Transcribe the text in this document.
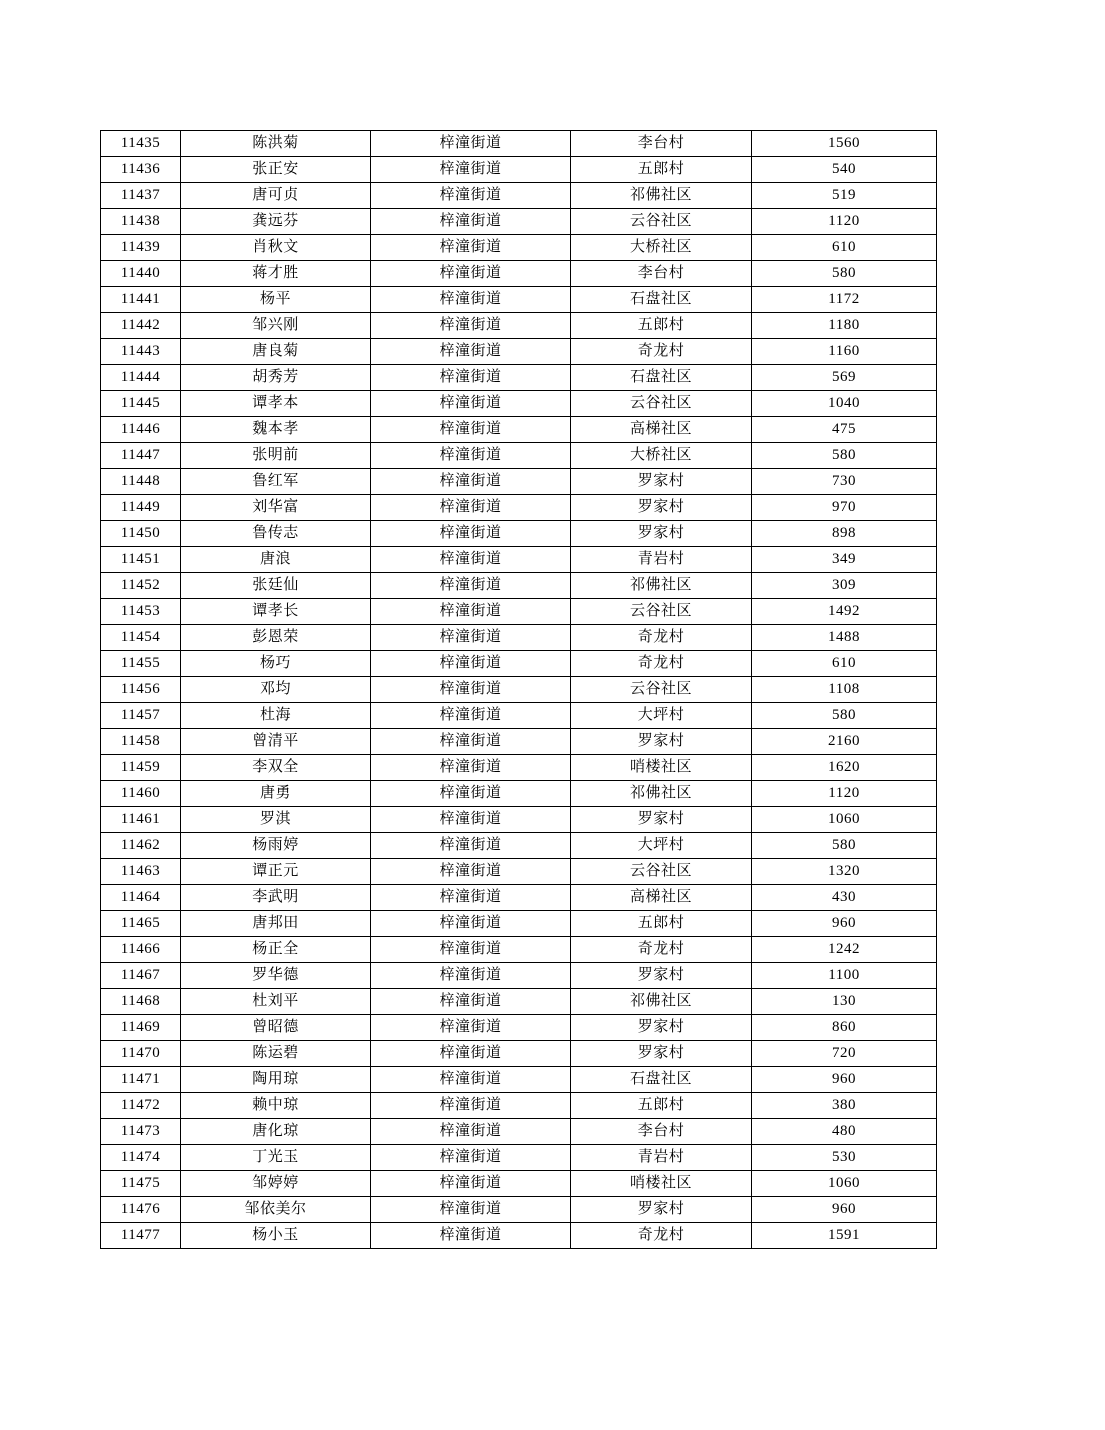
11435	陈洪菊	梓潼街道	李台村	1560
11436	张正安	梓潼街道	五郎村	540
11437	唐可贞	梓潼街道	祁佛社区	519
11438	龚远芬	梓潼街道	云谷社区	1120
11439	肖秋文	梓潼街道	大桥社区	610
11440	蒋才胜	梓潼街道	李台村	580
11441	杨平	梓潼街道	石盘社区	1172
11442	邹兴刚	梓潼街道	五郎村	1180
11443	唐良菊	梓潼街道	奇龙村	1160
11444	胡秀芳	梓潼街道	石盘社区	569
11445	谭孝本	梓潼街道	云谷社区	1040
11446	魏本孝	梓潼街道	高梯社区	475
11447	张明前	梓潼街道	大桥社区	580
11448	鲁红军	梓潼街道	罗家村	730
11449	刘华富	梓潼街道	罗家村	970
11450	鲁传志	梓潼街道	罗家村	898
11451	唐浪	梓潼街道	青岩村	349
11452	张廷仙	梓潼街道	祁佛社区	309
11453	谭孝长	梓潼街道	云谷社区	1492
11454	彭恩荣	梓潼街道	奇龙村	1488
11455	杨巧	梓潼街道	奇龙村	610
11456	邓均	梓潼街道	云谷社区	1108
11457	杜海	梓潼街道	大坪村	580
11458	曾清平	梓潼街道	罗家村	2160
11459	李双全	梓潼街道	哨楼社区	1620
11460	唐勇	梓潼街道	祁佛社区	1120
11461	罗淇	梓潼街道	罗家村	1060
11462	杨雨婷	梓潼街道	大坪村	580
11463	谭正元	梓潼街道	云谷社区	1320
11464	李武明	梓潼街道	高梯社区	430
11465	唐邦田	梓潼街道	五郎村	960
11466	杨正全	梓潼街道	奇龙村	1242
11467	罗华德	梓潼街道	罗家村	1100
11468	杜刘平	梓潼街道	祁佛社区	130
11469	曾昭德	梓潼街道	罗家村	860
11470	陈运碧	梓潼街道	罗家村	720
11471	陶用琼	梓潼街道	石盘社区	960
11472	赖中琼	梓潼街道	五郎村	380
11473	唐化琼	梓潼街道	李台村	480
11474	丁光玉	梓潼街道	青岩村	530
11475	邹婷婷	梓潼街道	哨楼社区	1060
11476	邹依美尔	梓潼街道	罗家村	960
11477	杨小玉	梓潼街道	奇龙村	1591
